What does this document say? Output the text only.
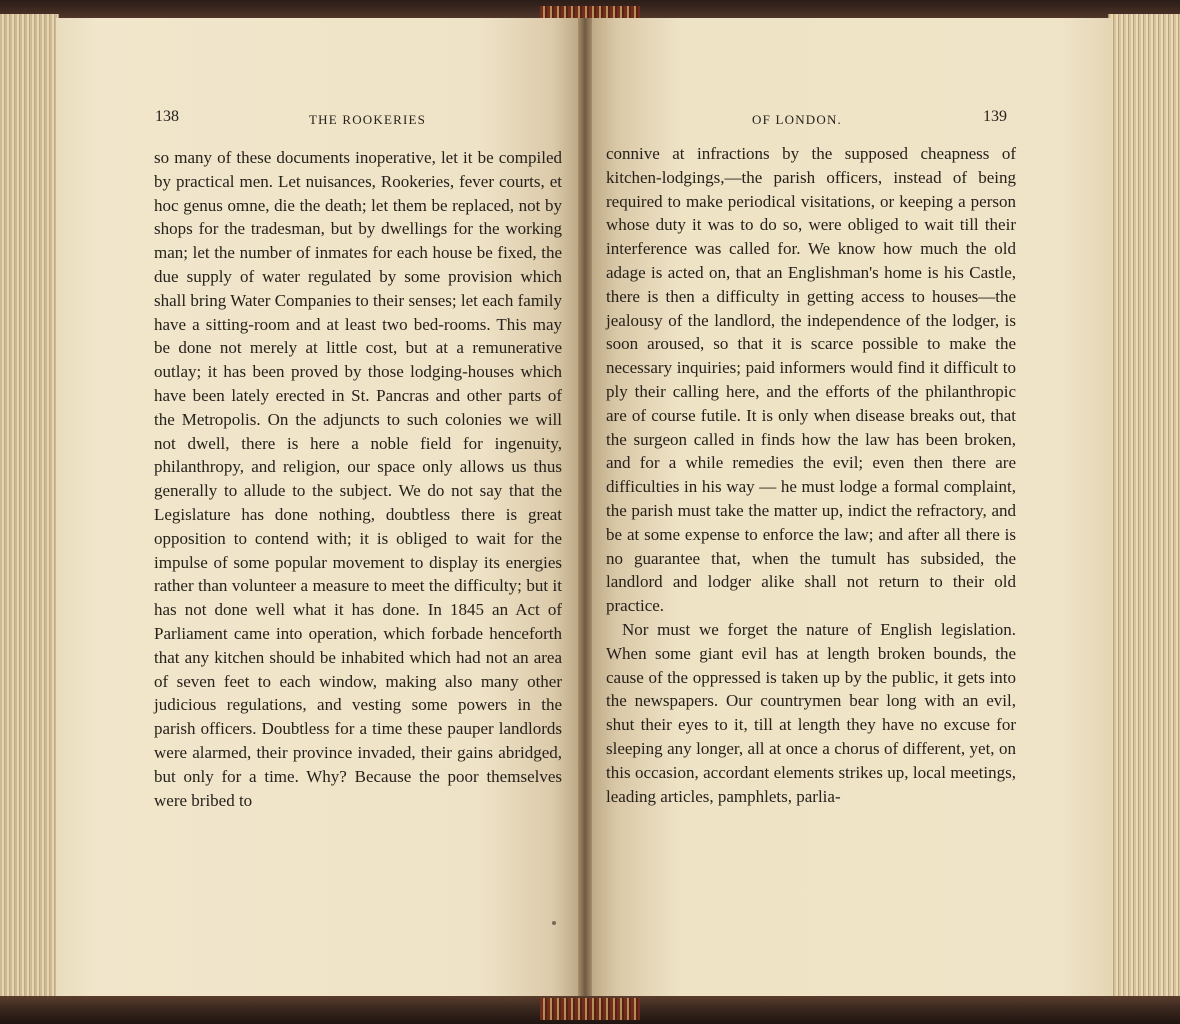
138	THE ROOKERIES

so many of these documents inoperative, let it be compiled by practical men. Let nuisances, Rookeries, fever courts, et hoc genus omne, die the death; let them be replaced, not by shops for the tradesman, but by dwellings for the working man; let the number of inmates for each house be fixed, the due supply of water regulated by some provision which shall bring Water Companies to their senses; let each family have a sitting-room and at least two bed-rooms. This may be done not merely at little cost, but at a remunerative outlay; it has been proved by those lodging-houses which have been lately erected in St. Pancras and other parts of the Metropolis. On the adjuncts to such colonies we will not dwell, there is here a noble field for ingenuity, philanthropy, and religion, our space only allows us thus generally to allude to the subject. We do not say that the Legislature has done nothing, doubtless there is great opposition to contend with; it is obliged to wait for the impulse of some popular movement to display its energies rather than volunteer a measure to meet the difficulty; but it has not done well what it has done. In 1845 an Act of Parliament came into operation, which forbade henceforth that any kitchen should be inhabited which had not an area of seven feet to each window, making also many other judicious regulations, and vesting some powers in the parish officers. Doubtless for a time these pauper landlords were alarmed, their province invaded, their gains abridged, but only for a time. Why? Because the poor themselves were bribed to

OF LONDON.	139

connive at infractions by the supposed cheapness of kitchen-lodgings,—the parish officers, instead of being required to make periodical visitations, or keeping a person whose duty it was to do so, were obliged to wait till their interference was called for. We know how much the old adage is acted on, that an Englishman's home is his Castle, there is then a difficulty in getting access to houses—the jealousy of the landlord, the independence of the lodger, is soon aroused, so that it is scarce possible to make the necessary inquiries; paid informers would find it difficult to ply their calling here, and the efforts of the philanthropic are of course futile. It is only when disease breaks out, that the surgeon called in finds how the law has been broken, and for a while remedies the evil; even then there are difficulties in his way — he must lodge a formal complaint, the parish must take the matter up, indict the refractory, and be at some expense to enforce the law; and after all there is no guarantee that, when the tumult has subsided, the landlord and lodger alike shall not return to their old practice.

Nor must we forget the nature of English legislation. When some giant evil has at length broken bounds, the cause of the oppressed is taken up by the public, it gets into the newspapers. Our countrymen bear long with an evil, shut their eyes to it, till at length they have no excuse for sleeping any longer, all at once a chorus of different, yet, on this occasion, accordant elements strikes up, local meetings, leading articles, pamphlets, parlia-
